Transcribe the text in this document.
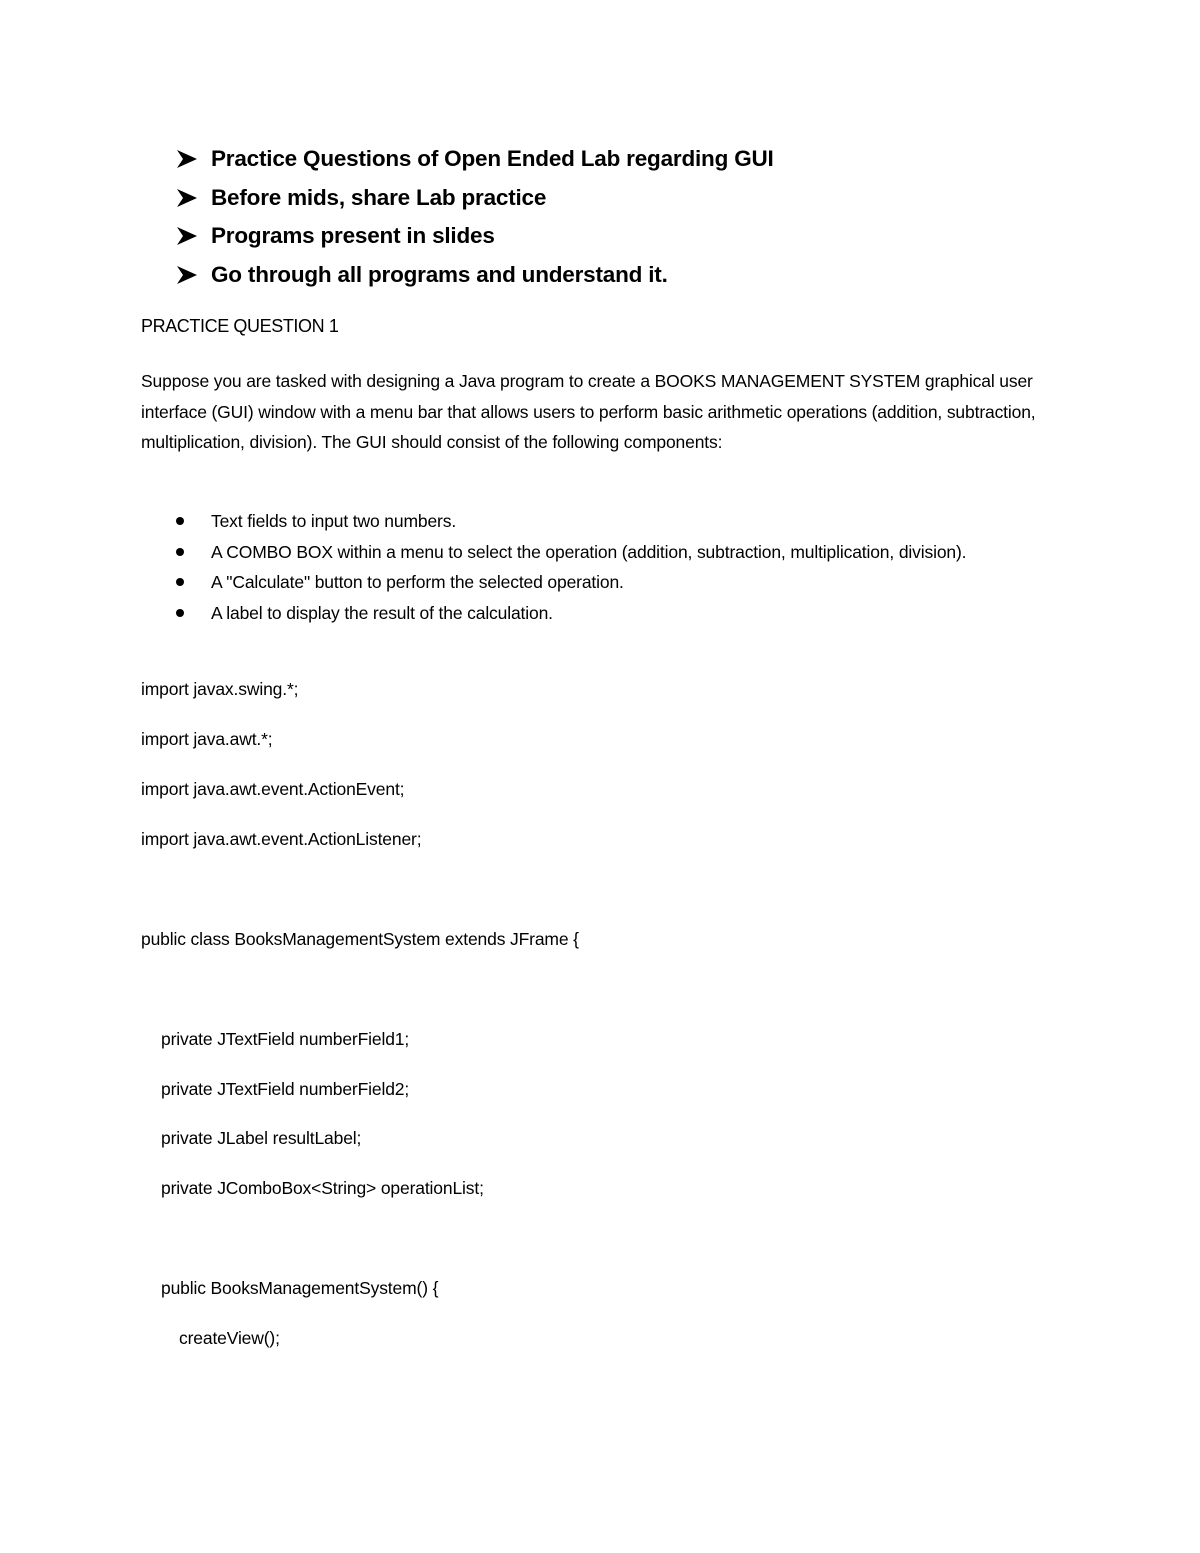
Practice Questions of Open Ended Lab regarding GUI
Before mids, share Lab practice
Programs present in slides
Go through all programs and understand it.
PRACTICE QUESTION 1

Suppose you are tasked with designing a Java program to create a BOOKS MANAGEMENT SYSTEM graphical user interface (GUI) window with a menu bar that allows users to perform basic arithmetic operations (addition, subtraction, multiplication, division). The GUI should consist of the following components:

Text fields to input two numbers.
A COMBO BOX within a menu to select the operation (addition, subtraction, multiplication, division).
A "Calculate" button to perform the selected operation.
A label to display the result of the calculation.
import javax.swing.*;
import java.awt.*;
import java.awt.event.ActionEvent;
import java.awt.event.ActionListener;
public class BooksManagementSystem extends JFrame {
private JTextField numberField1;
private JTextField numberField2;
private JLabel resultLabel;
private JComboBox<String> operationList;
public BooksManagementSystem() {
createView();
